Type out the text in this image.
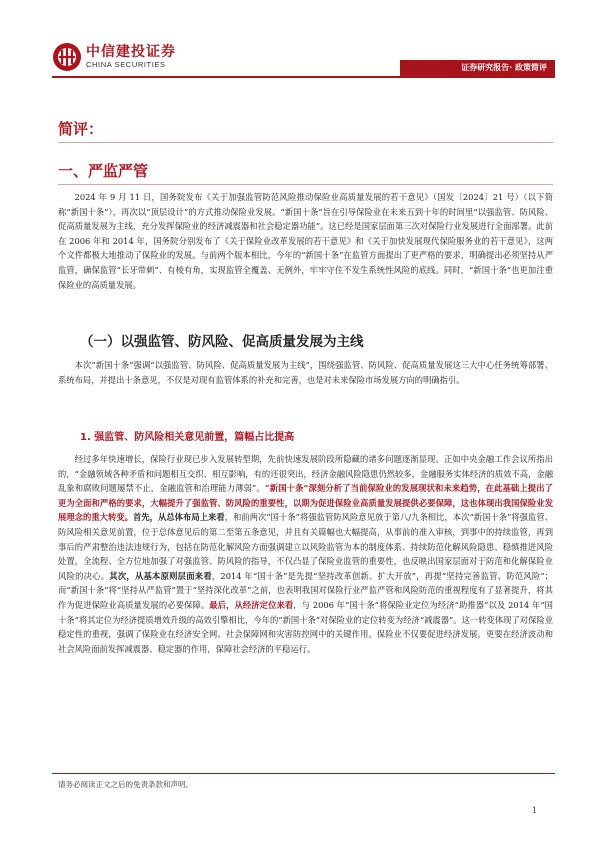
中信建投证券
CHINA SECURITIES	证券研究报告· 政策简评
简评：
一、严监严管

2024 年 9 月 11 日，国务院发布《关于加强监管防范风险推动保险业高质量发展的若干意见》（国发〔2024〕21 号）（以下简称“新国十条”），再次以“顶层设计”的方式推动保险业发展。“新国十条”旨在引导保险业在未来五到十年的时间里“以强监管、防风险、促高质量发展为主线，充分发挥保险业的经济减震器和社会稳定器功能”。这已经是国家层面第三次对保险行业发展进行全面部署。此前在 2006 年和 2014 年，国务院分别发布了《关于保险业改革发展的若干意见》和《关于加快发展现代保险服务业的若干意见》，这两个文件都极大地推动了保险业的发展。与前两个版本相比，今年的“新国十条”在监管方面提出了更严格的要求，明确提出必须坚持从严监管，确保监管“长牙带刺”、有棱有角，实现监管全覆盖、无例外，牢牢守住不发生系统性风险的底线。同时，“新国十条”也更加注重保险业的高质量发展。

（一）以强监管、防风险、促高质量发展为主线

本次“新国十条”强调“以强监管、防风险、促高质量发展为主线”，围绕强监管、防风险、促高质量发展这三大中心任务统筹部署、系统布局，并提出十条意见，不仅是对现有监管体系的补充和完善，也是对未来保险市场发展方向的明确指引。

1. 强监管、防风险相关意见前置，篇幅占比提高

经过多年快速增长，保险行业现已步入发展转型期，先前快速发展阶段所隐藏的诸多问题逐渐显现。正如中央金融工作会议所指出的，“金融领域各种矛盾和问题相互交织、相互影响，有的还很突出，经济金融风险隐患仍然较多，金融服务实体经济的质效不高，金融乱象和腐败问题屡禁不止，金融监管和治理能力薄弱”。“新国十条”深刻分析了当前保险业的发展现状和未来趋势，在此基础上提出了更为全面和严格的要求，大幅提升了强监管、防风险的重要性，以期为促进保险业高质量发展提供必要保障，这也体现出我国保险业发展理念的重大转变。首先，从总体布局上来看，和前两次“国十条”将强监管防风险意见放于第八/九条相比，本次“新国十条”将强监管、防风险相关意见前置，位于总体意见后的第二至第五条意见，并且有关篇幅也大幅提高，从事前的准入审核，到事中的持续监管，再到事后的严肃整治违法违规行为，包括在防范化解风险方面强调建立以风险监管为本的制度体系、持续防范化解风险隐患、稳慎推进风险处置，全流程、全方位地加强了对强监管、防风险的指导，不仅凸显了保险业监管的重要性，也反映出国家层面对于防范和化解保险业风险的决心。其次，从基本原则层面来看，2014 年“国十条”是先提“坚持改革创新、扩大开放”，再提“坚持完善监管、防范风险”；而“新国十条”将“坚持从严监管”置于“坚持深化改革”之前，也表明我国对保险行业严监严管和风险防范的重视程度有了显著提升，将其作为促进保险业高质量发展的必要保障。最后，从经济定位来看，与 2006 年“国十条”将保险业定位为经济“助推器”以及 2014 年“国十条”将其定位为经济提质增效升级的高效引擎相比，今年的“新国十条”对保险业的定位转变为经济“减震器”。这一转变体现了对保险业稳定性的重视，强调了保险业在经济安全网、社会保障网和灾害防控网中的关键作用。保险业不仅要促进经济发展，更要在经济波动和社会风险面前发挥减震器、稳定器的作用，保障社会经济的平稳运行。

请务必阅读正文之后的免责条款和声明。
1
